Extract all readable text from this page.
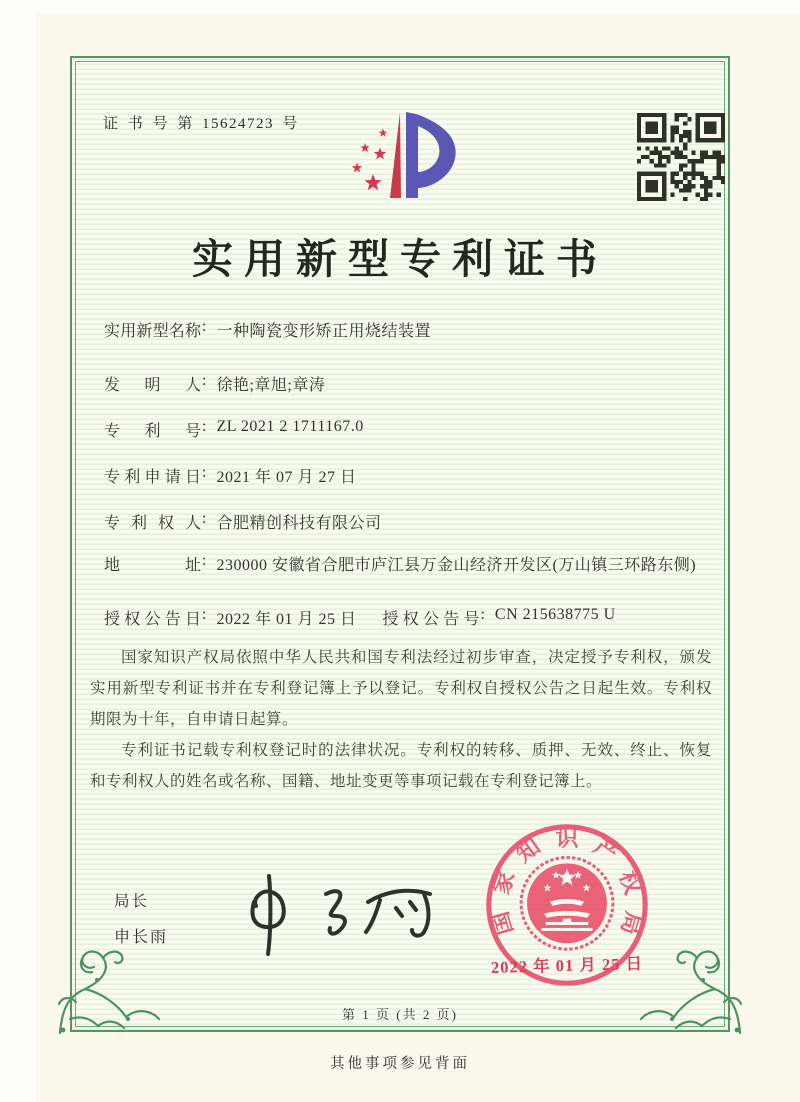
证 书 号 第 15624723 号
实用新型专利证书
实用新型名称: 一种陶瓷变形矫正用烧结装置
发明人: 徐艳;章旭;章涛
专利号: ZL 2021 2 1711167.0
专利申请日: 2021 年 07 月 27 日
专利权人: 合肥精创科技有限公司
地址: 230000 安徽省合肥市庐江县万金山经济开发区(万山镇三环路东侧)
授权公告日: 2022 年 01 月 25 日 授权公告号: CN 215638775 U

国家知识产权局依照中华人民共和国专利法经过初步审查，决定授予专利权，颁发实用新型专利证书并在专利登记簿上予以登记。专利权自授权公告之日起生效。专利权期限为十年，自申请日起算。

专利证书记载专利权登记时的法律状况。专利权的转移、质押、无效、终止、恢复和专利权人的姓名或名称、国籍、地址变更等事项记载在专利登记簿上。

局长
申长雨	国家知识产权局
2022 年 01 月 25 日
第 1 页 (共 2 页)
其他事项参见背面
